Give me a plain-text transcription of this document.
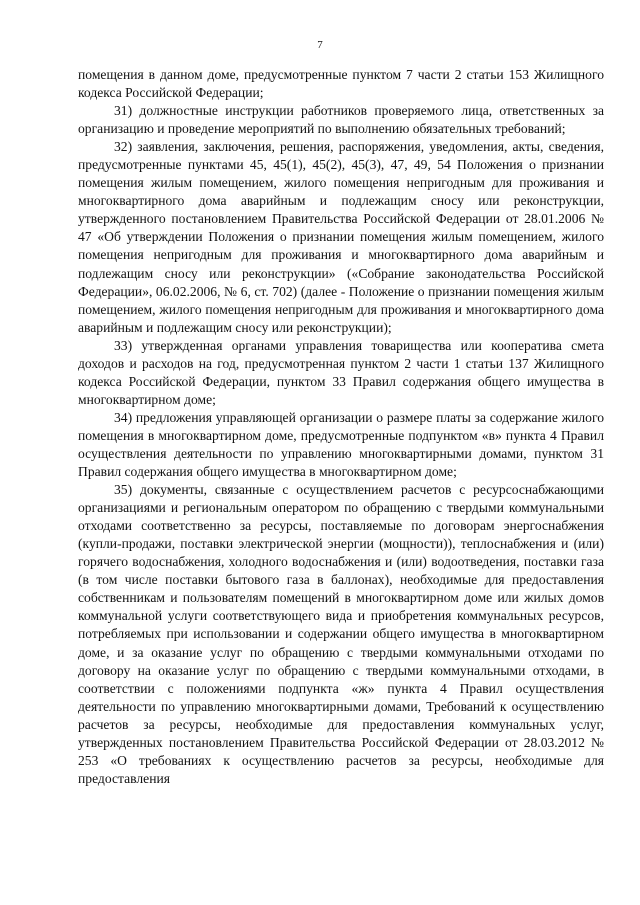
7

помещения в данном доме, предусмотренные пунктом 7 части 2 статьи 153 Жилищного кодекса Российской Федерации;

31) должностные инструкции работников проверяемого лица, ответственных за организацию и проведение мероприятий по выполнению обязательных требований;

32) заявления, заключения, решения, распоряжения, уведомления, акты, сведения, предусмотренные пунктами 45, 45(1), 45(2), 45(3), 47, 49, 54 Положения о признании помещения жилым помещением, жилого помещения непригодным для проживания и многоквартирного дома аварийным и подлежащим сносу или реконструкции, утвержденного постановлением Правительства Российской Федерации от 28.01.2006 № 47 «Об утверждении Положения о признании помещения жилым помещением, жилого помещения непригодным для проживания и многоквартирного дома аварийным и подлежащим сносу или реконструкции» («Собрание законодательства Российской Федерации», 06.02.2006, № 6, ст. 702) (далее - Положение о признании помещения жилым помещением, жилого помещения непригодным для проживания и многоквартирного дома аварийным и подлежащим сносу или реконструкции);

33) утвержденная органами управления товарищества или кооператива смета доходов и расходов на год, предусмотренная пунктом 2 части 1 статьи 137 Жилищного кодекса Российской Федерации, пунктом 33 Правил содержания общего имущества в многоквартирном доме;

34) предложения управляющей организации о размере платы за содержание жилого помещения в многоквартирном доме, предусмотренные подпунктом «в» пункта 4 Правил осуществления деятельности по управлению многоквартирными домами, пунктом 31 Правил содержания общего имущества в многоквартирном доме;

35) документы, связанные с осуществлением расчетов с ресурсоснабжающими организациями и региональным оператором по обращению с твердыми коммунальными отходами соответственно за ресурсы, поставляемые по договорам энергоснабжения (купли-продажи, поставки электрической энергии (мощности)), теплоснабжения и (или) горячего водоснабжения, холодного водоснабжения и (или) водоотведения, поставки газа (в том числе поставки бытового газа в баллонах), необходимые для предоставления собственникам и пользователям помещений в многоквартирном доме или жилых домов коммунальной услуги соответствующего вида и приобретения коммунальных ресурсов, потребляемых при использовании и содержании общего имущества в многоквартирном доме, и за оказание услуг по обращению с твердыми коммунальными отходами по договору на оказание услуг по обращению с твердыми коммунальными отходами, в соответствии с положениями подпункта «ж» пункта 4 Правил осуществления деятельности по управлению многоквартирными домами, Требований к осуществлению расчетов за ресурсы, необходимые для предоставления коммунальных услуг, утвержденных постановлением Правительства Российской Федерации от 28.03.2012 № 253 «О требованиях к осуществлению расчетов за ресурсы, необходимые для предоставления
